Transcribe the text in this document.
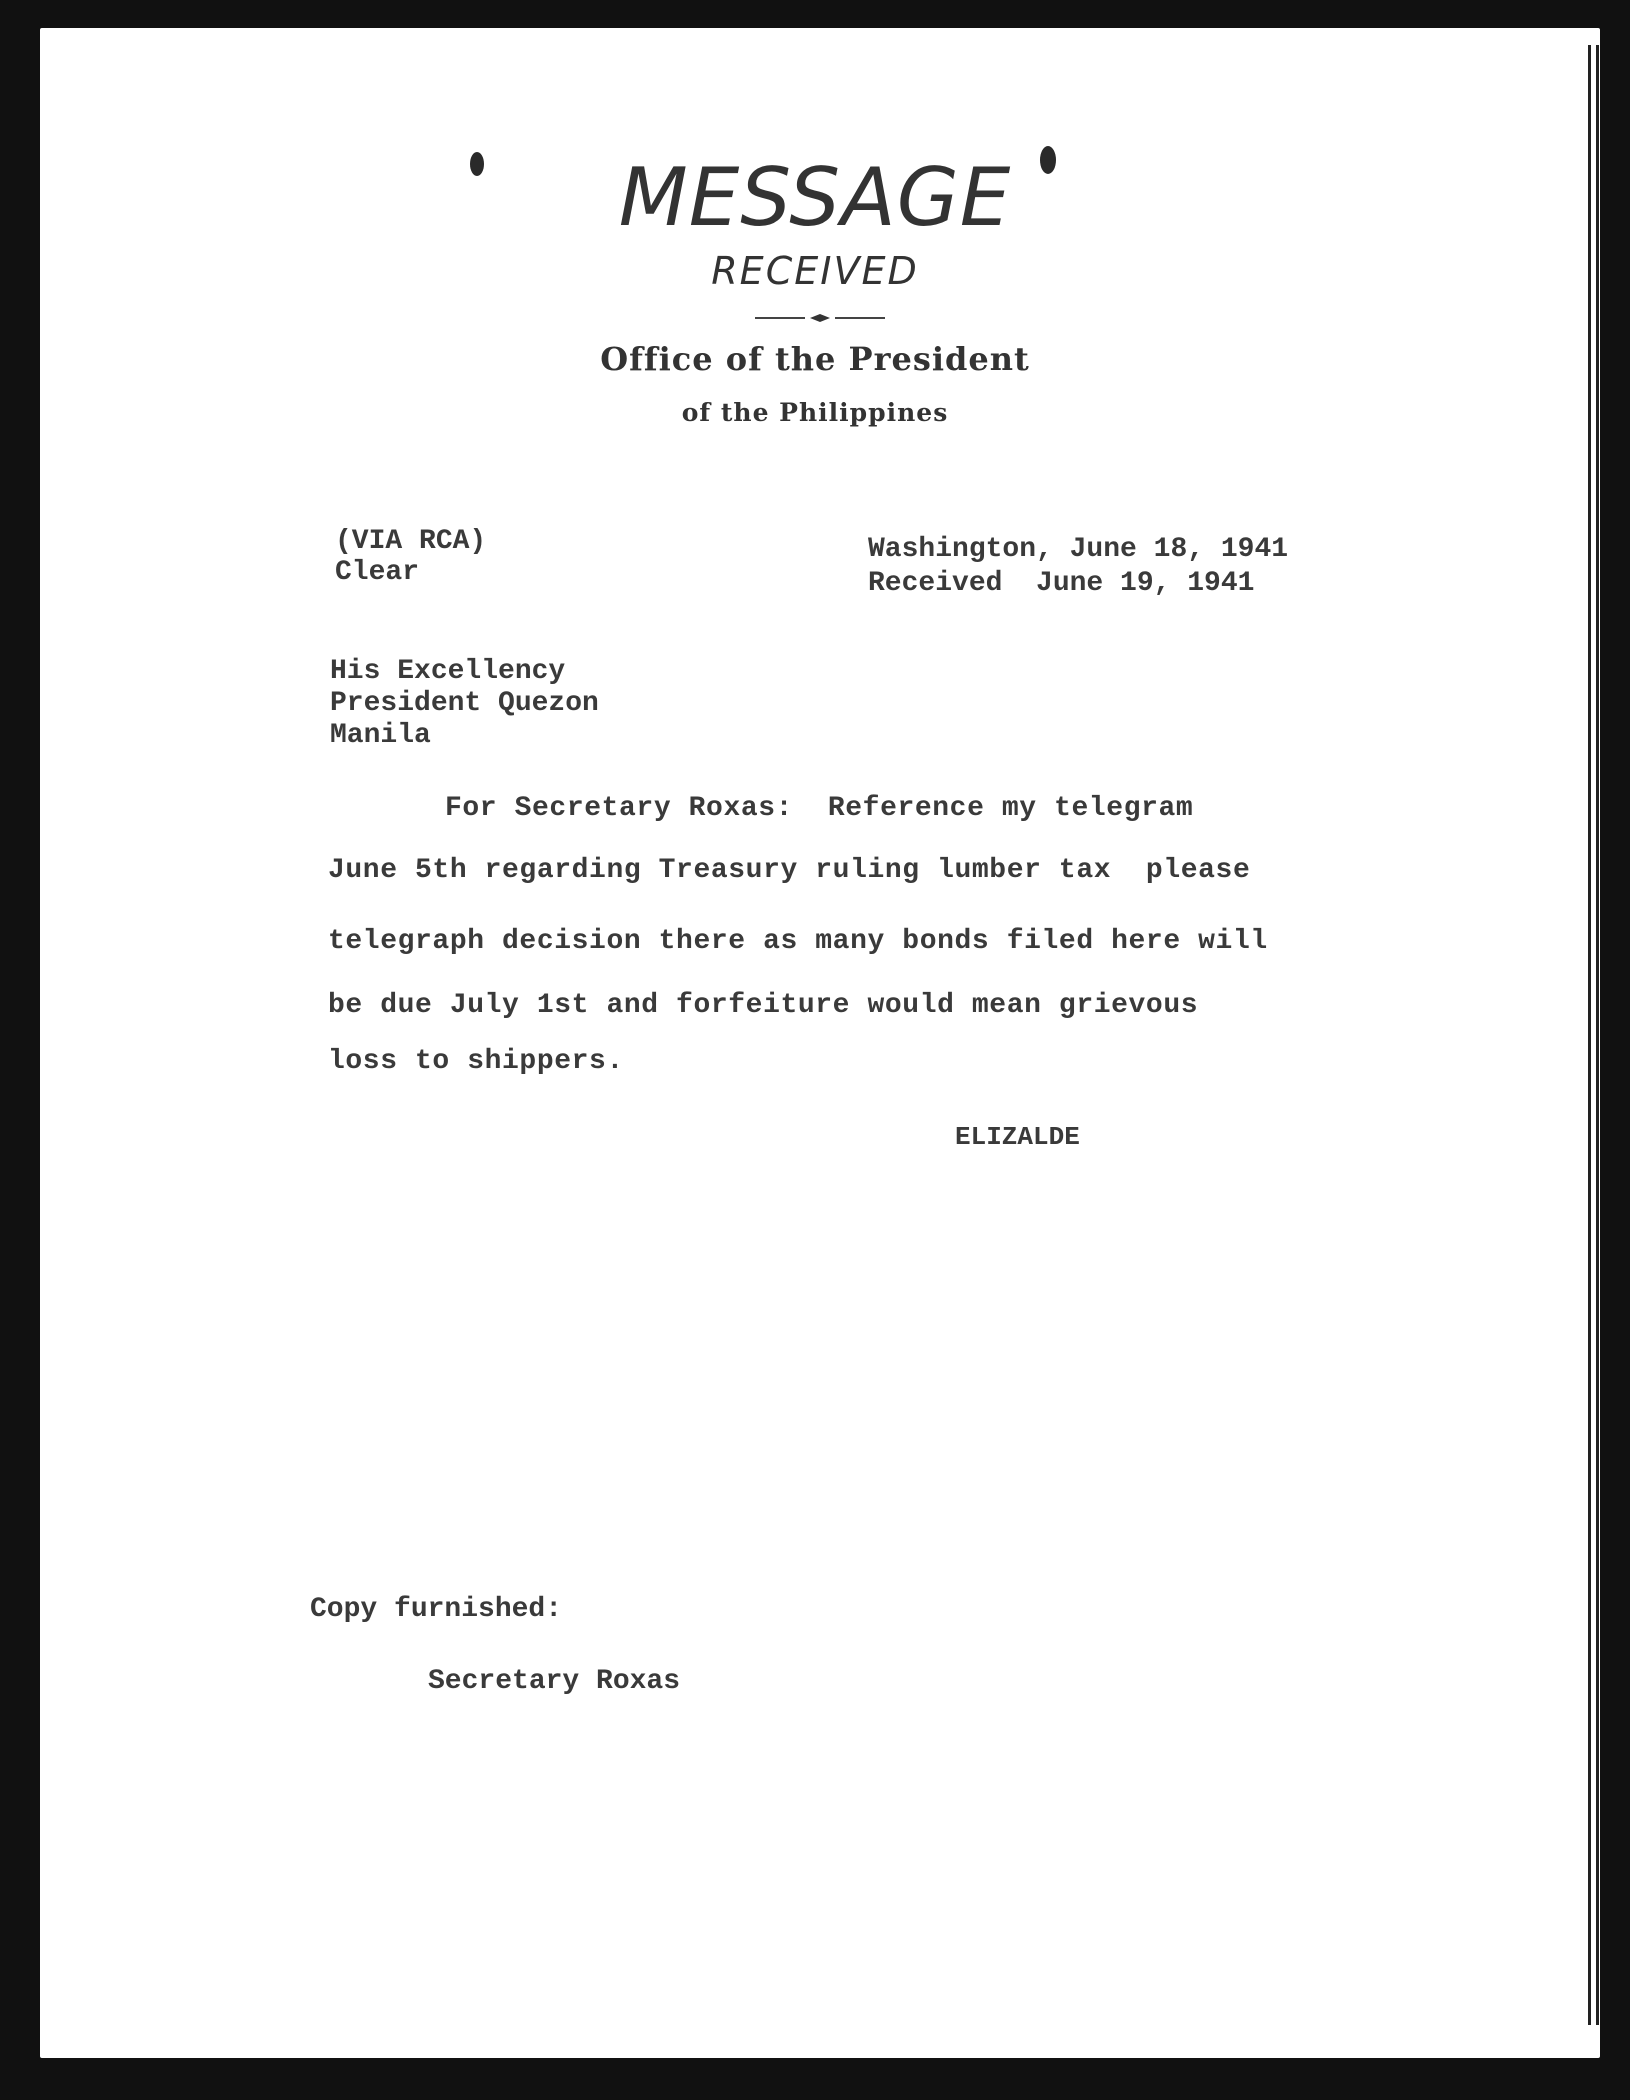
MESSAGE
RECEIVED
Office of the President
of the Philippines
(VIA RCA)
Clear
Washington, June 18, 1941
Received  June 19, 1941
His Excellency
President Quezon
Manila
For Secretary Roxas:  Reference my telegram
June 5th regarding Treasury ruling lumber tax  please
telegraph decision there as many bonds filed here will
be due July 1st and forfeiture would mean grievous
loss to shippers.
ELIZALDE
Copy furnished:
Secretary Roxas
